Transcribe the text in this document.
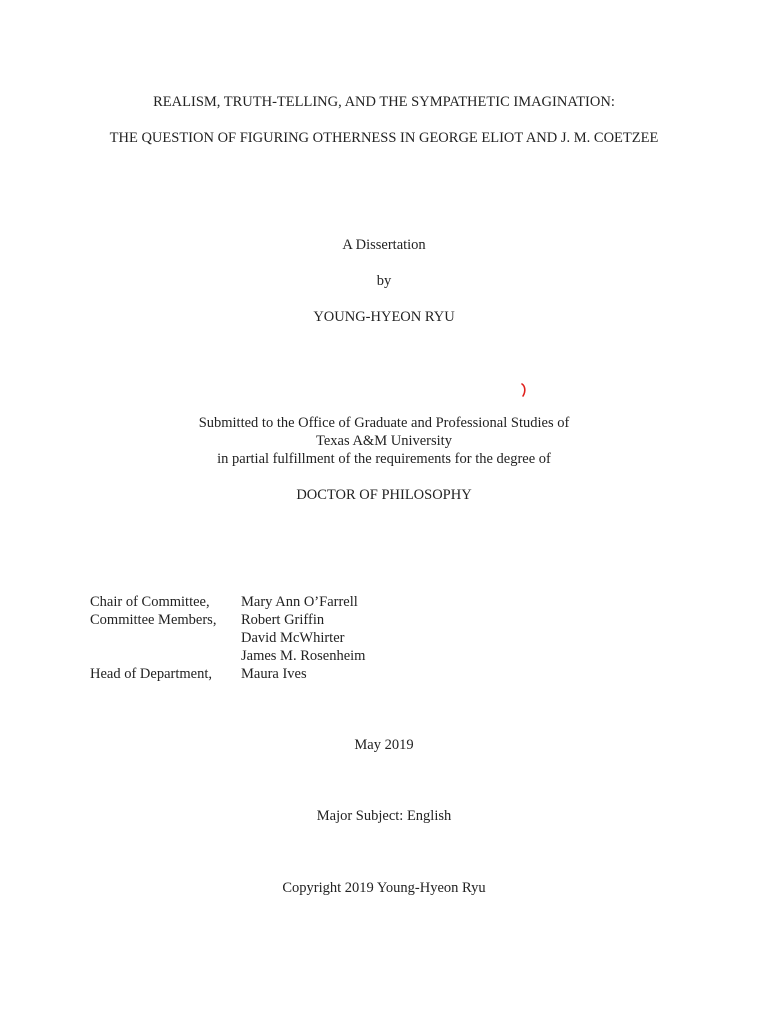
REALISM, TRUTH-TELLING, AND THE SYMPATHETIC IMAGINATION:
THE QUESTION OF FIGURING OTHERNESS IN GEORGE ELIOT AND J. M. COETZEE
A Dissertation
by
YOUNG-HYEON RYU
Submitted to the Office of Graduate and Professional Studies of
Texas A&M University
in partial fulfillment of the requirements for the degree of
DOCTOR OF PHILOSOPHY
Chair of Committee,	Mary Ann O’Farrell
Committee Members,	Robert Griffin
David McWhirter
James M. Rosenheim
Head of Department,	Maura Ives
May 2019
Major Subject: English
Copyright 2019 Young-Hyeon Ryu
